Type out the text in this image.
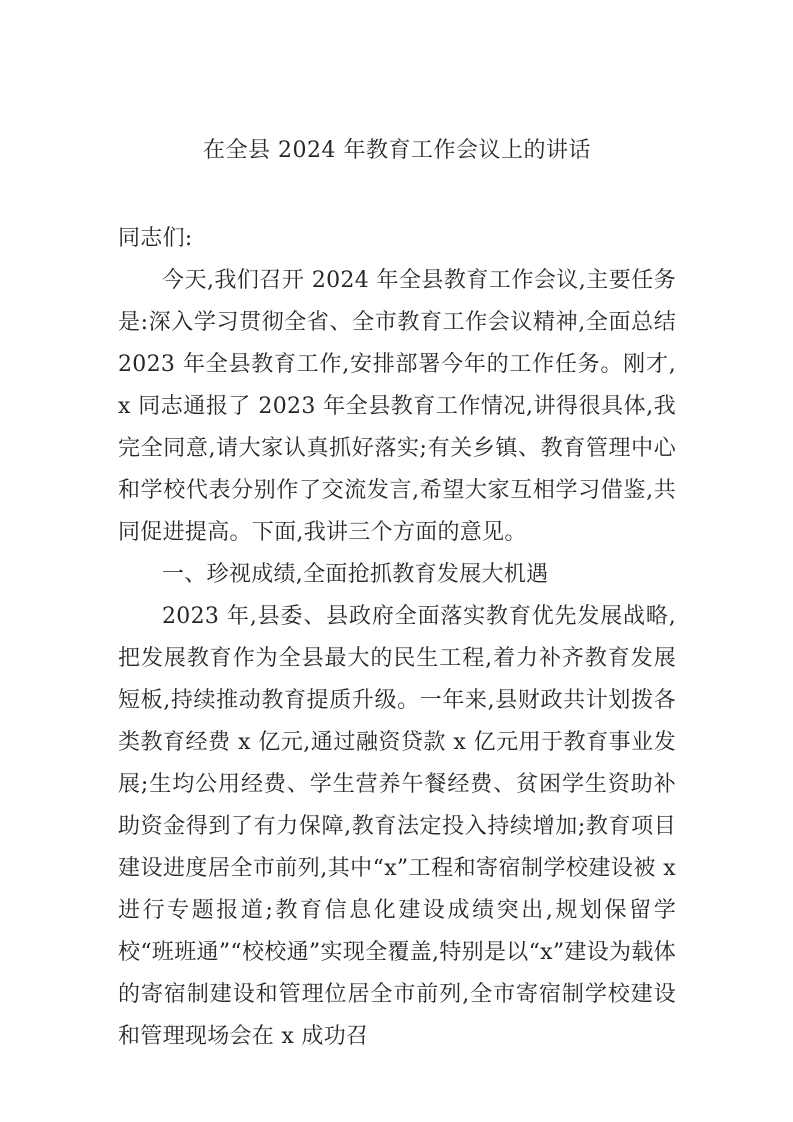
在全县 2024 年教育工作会议上的讲话

同志们:

今天,我们召开 2024 年全县教育工作会议,主要任务是:深入学习贯彻全省、全市教育工作会议精神,全面总结 2023 年全县教育工作,安排部署今年的工作任务。刚才,x 同志通报了 2023 年全县教育工作情况,讲得很具体,我完全同意,请大家认真抓好落实;有关乡镇、教育管理中心和学校代表分别作了交流发言,希望大家互相学习借鉴,共同促进提高。下面,我讲三个方面的意见。

一、珍视成绩,全面抢抓教育发展大机遇

2023 年,县委、县政府全面落实教育优先发展战略,把发展教育作为全县最大的民生工程,着力补齐教育发展短板,持续推动教育提质升级。一年来,县财政共计划拨各类教育经费 x 亿元,通过融资贷款 x 亿元用于教育事业发展;生均公用经费、学生营养午餐经费、贫困学生资助补助资金得到了有力保障,教育法定投入持续增加;教育项目建设进度居全市前列,其中“x”工程和寄宿制学校建设被 x 进行专题报道;教育信息化建设成绩突出,规划保留学校“班班通”“校校通”实现全覆盖,特别是以“x”建设为载体的寄宿制建设和管理位居全市前列,全市寄宿制学校建设和管理现场会在 x 成功召
